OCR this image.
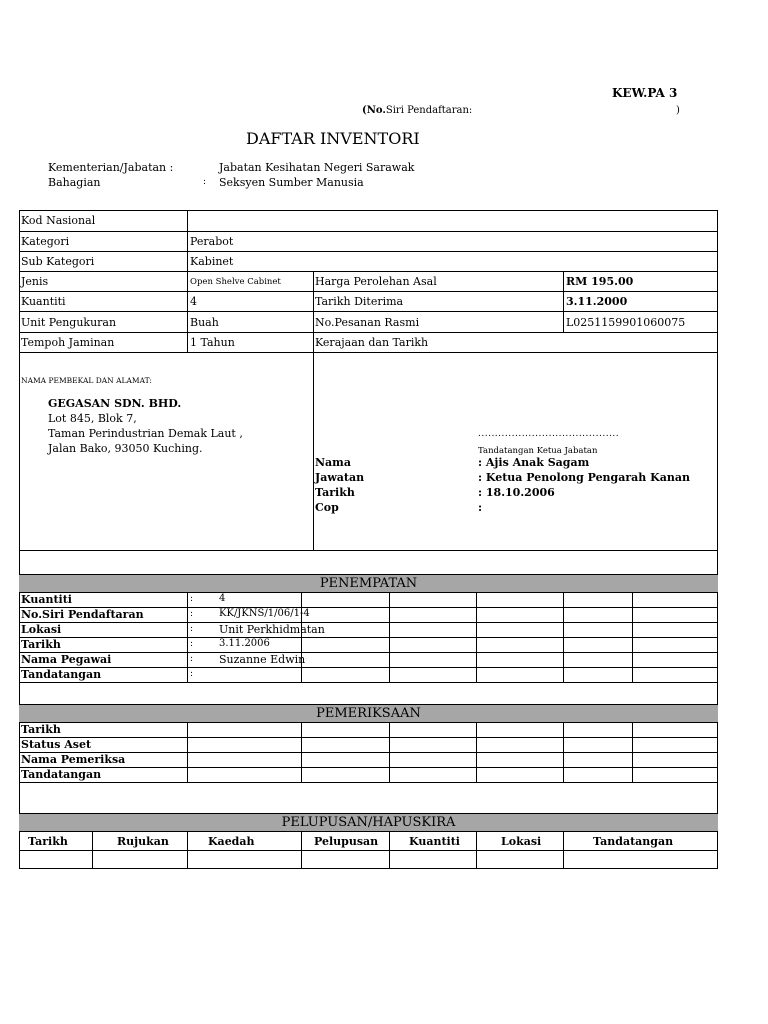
KEW.PA 3
(No.Siri Pendaftaran:	)
DAFTAR INVENTORI
Kementerian/Jabatan :	Jabatan Kesihatan Negeri Sarawak
Bahagian	: Seksyen Sumber Manusia
Kod Nasional
Kategori	Perabot
Sub Kategori	Kabinet
Jenis	Open Shelve Cabinet	Harga Perolehan Asal	RM 195.00
Kuantiti	4	Tarikh Diterima	3.11.2000
Unit Pengukuran	Buah	No.Pesanan Rasmi	L0251159901060075
Tempoh Jaminan	1 Tahun	Kerajaan dan Tarikh
NAMA PEMBEKAL DAN ALAMAT:
GEGASAN SDN. BHD.
Lot 845, Blok 7,
Taman Perindustrian Demak Laut ,
Jalan Bako, 93050 Kuching.
..........................................
Tandatangan Ketua Jabatan
Nama	: Ajis Anak Sagam
Jawatan	: Ketua Penolong Pengarah Kanan
Tarikh	: 18.10.2006
Cop	:
PENEMPATAN
Kuantiti	:	4
No.Siri Pendaftaran	:	KK/JKNS/1/06/1-4
Lokasi	: Unit Perkhidmatan
Tarikh	:	3.11.2006
Nama Pegawai	: Suzanne Edwin
Tandatangan	:
PEMERIKSAAN
Tarikh
Status Aset
Nama Pemeriksa
Tandatangan
PELUPUSAN/HAPUSKIRA
Tarikh	Rujukan	Kaedah	Pelupusan	Kuantiti	Lokasi	Tandatangan
